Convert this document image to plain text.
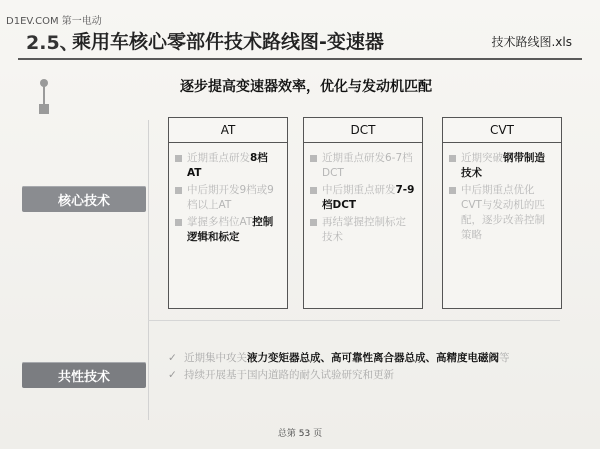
D1EV.COM 第一电动
2.5、
乘用车核心零部件技术路线图-变速器	技术路线图.xls

逐步提高变速器效率，优化与发动机匹配
核心技术
共性技术
AT
近期重点研发8档AT
中后期开发9档或9档以上AT
掌握多档位AT控制逻辑和标定
DCT
近期重点研发6-7档DCT
中后期重点研发7-9档DCT
再结掌握控制标定技术
CVT
近期突破钢带制造技术
中后期重点优化CVT与发动机的匹配，逐步改善控制策略
✓ 近期集中攻关液力变矩器总成、高可靠性离合器总成、高精度电磁阀等
✓ 持续开展基于国内道路的耐久试验研究和更新
总第 53 页
